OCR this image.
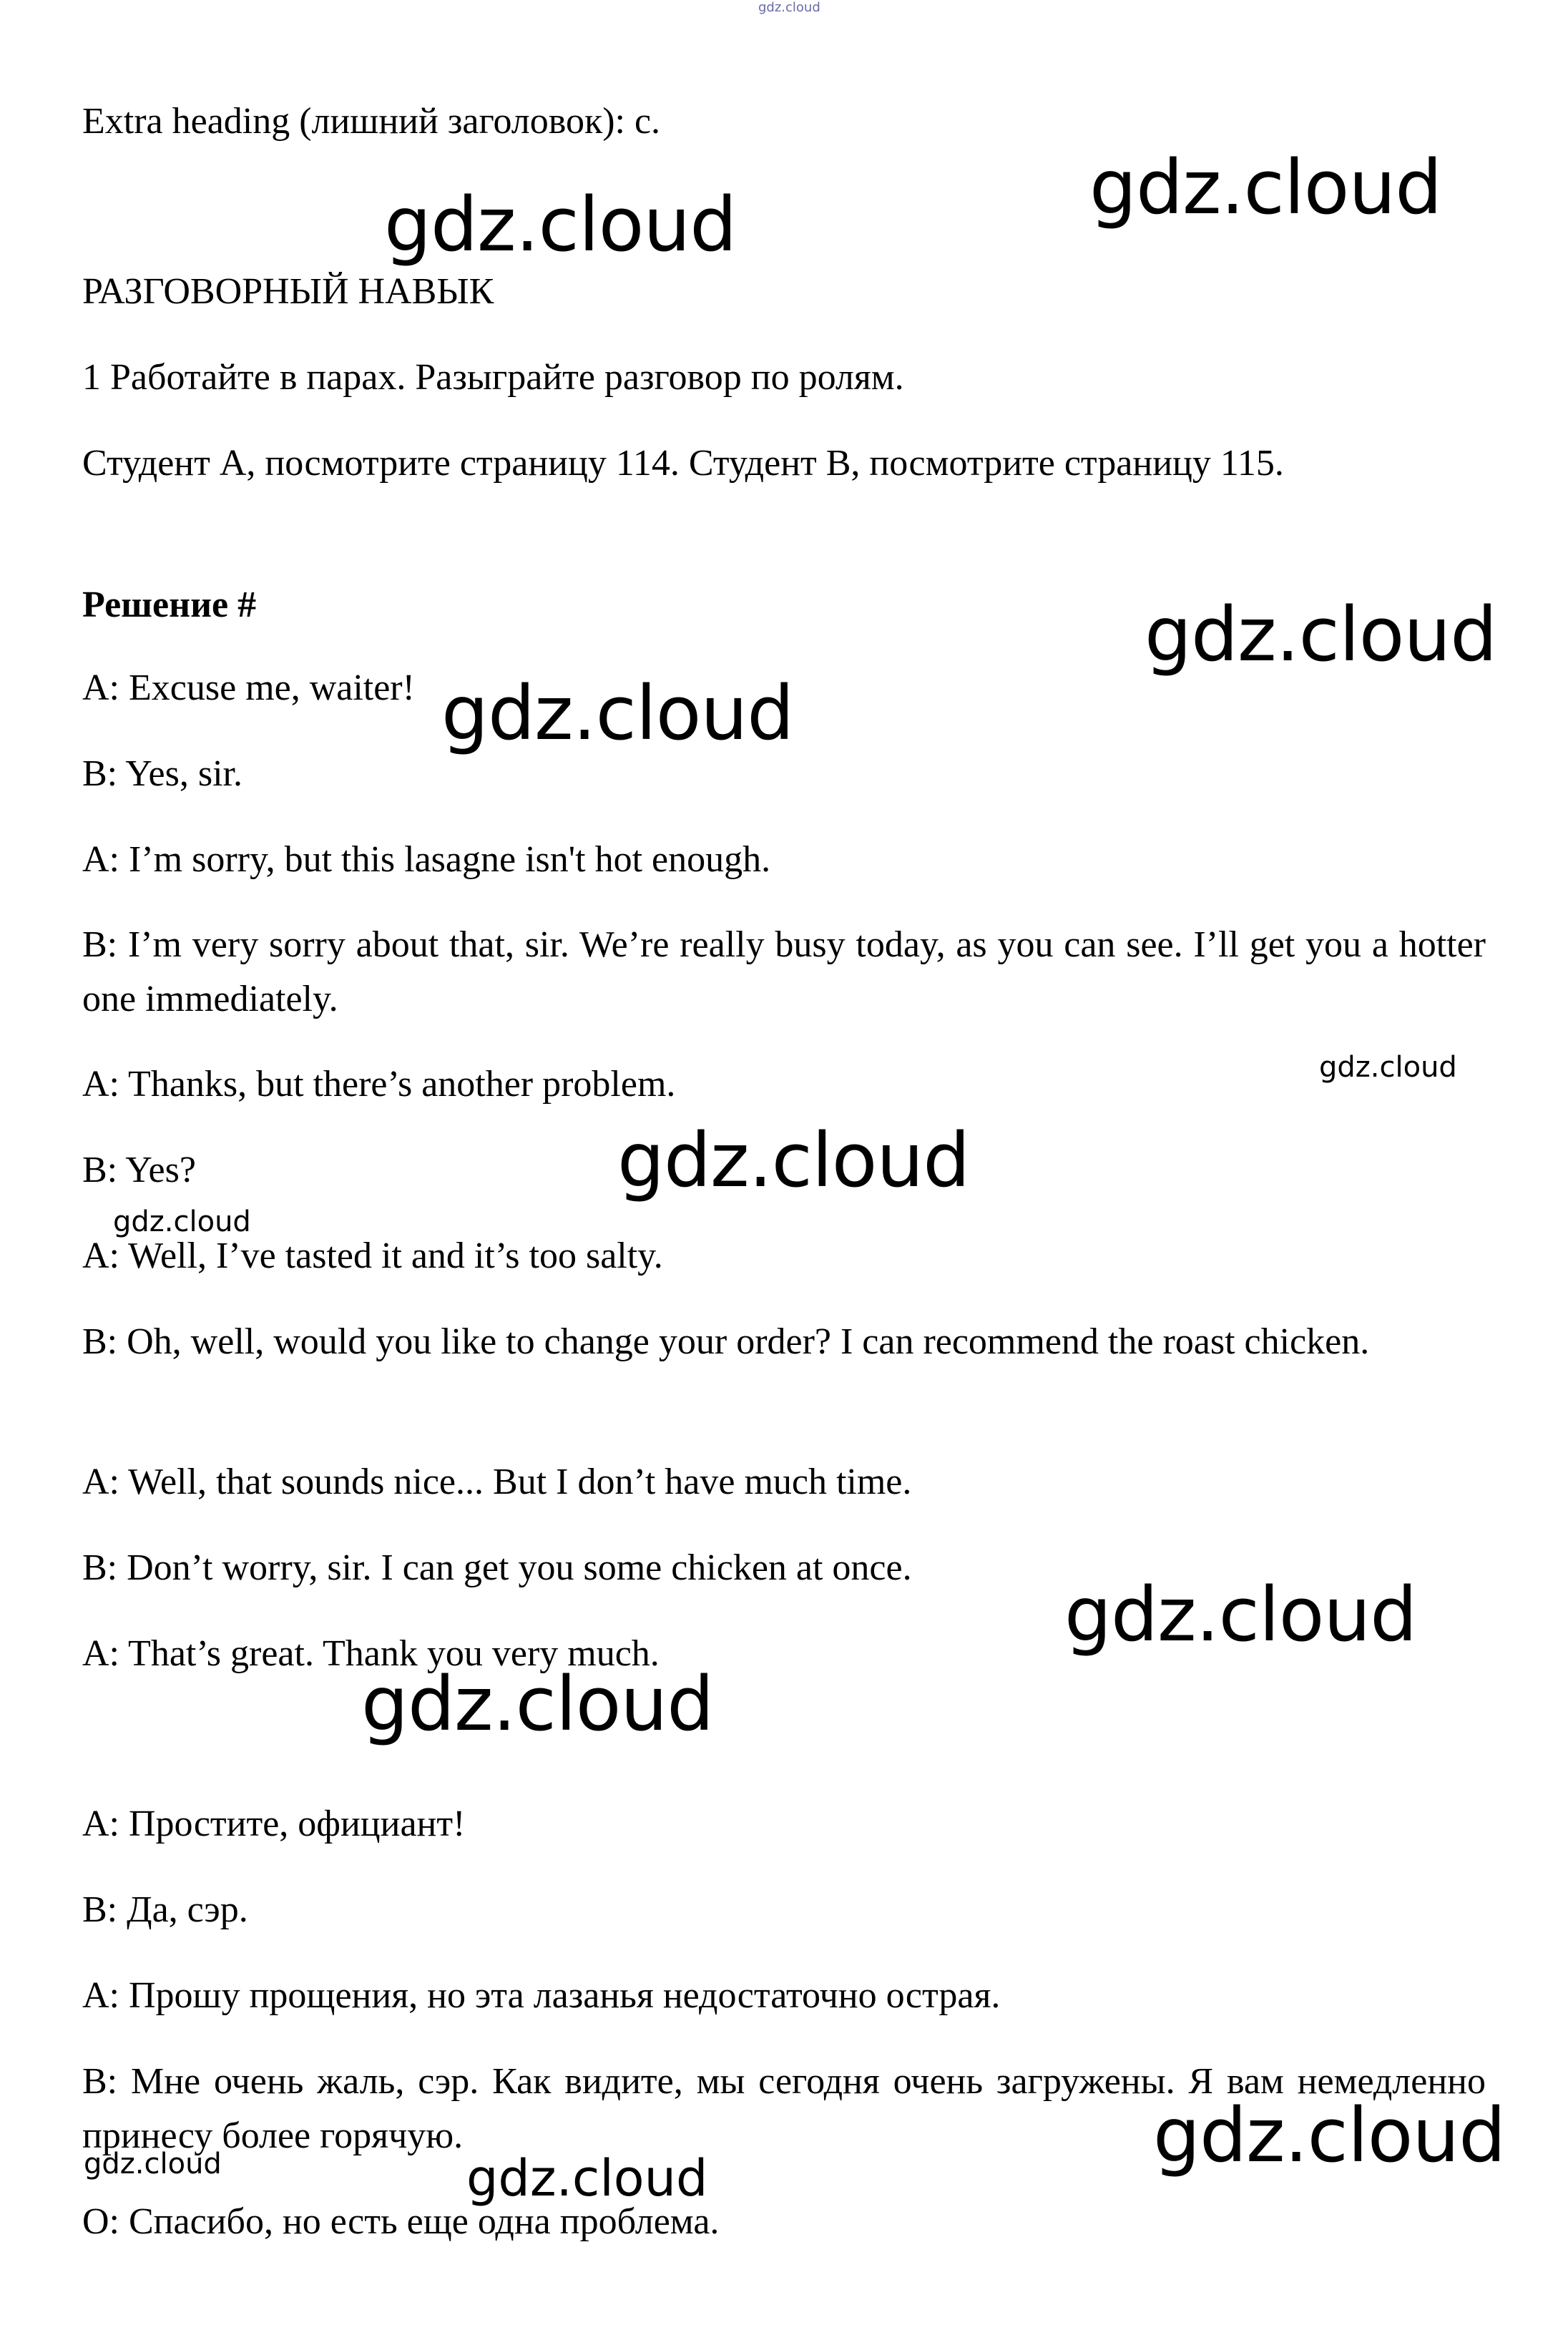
gdz.cloud
Extra heading (лишний заголовок): c.
РАЗГОВОРНЫЙ НАВЫК
1 Работайте в парах. Разыграйте разговор по ролям.
Студент A, посмотрите страницу 114. Студент B, посмотрите страницу 115.
Решение #
A: Excuse me, waiter!
B: Yes, sir.
A: I’m sorry, but this lasagne isn't hot enough.
B: I’m very sorry about that, sir. We’re really busy today, as you can see. I’ll get you a hotter one immediately.
A: Thanks, but there’s another problem.
B: Yes?
A: Well, I’ve tasted it and it’s too salty.
B: Oh, well, would you like to change your order? I can recommend the roast chicken.
A: Well, that sounds nice... But I don’t have much time.
B: Don’t worry, sir. I can get you some chicken at once.
A: That’s great. Thank you very much.
A: Простите, официант!
B: Да, сэр.
A: Прошу прощения, но эта лазанья недостаточно острая.
B: Мне очень жаль, сэр. Как видите, мы сегодня очень загружены. Я вам немедленно принесу более горячую.
O: Спасибо, но есть еще одна проблема.
gdz.cloud	gdz.cloud
gdz.cloud
gdz.cloud
gdz.cloud
gdz.cloud
gdz.cloud
gdz.cloud
gdz.cloud
gdz.cloud
gdz.cloud	gdz.cloud
